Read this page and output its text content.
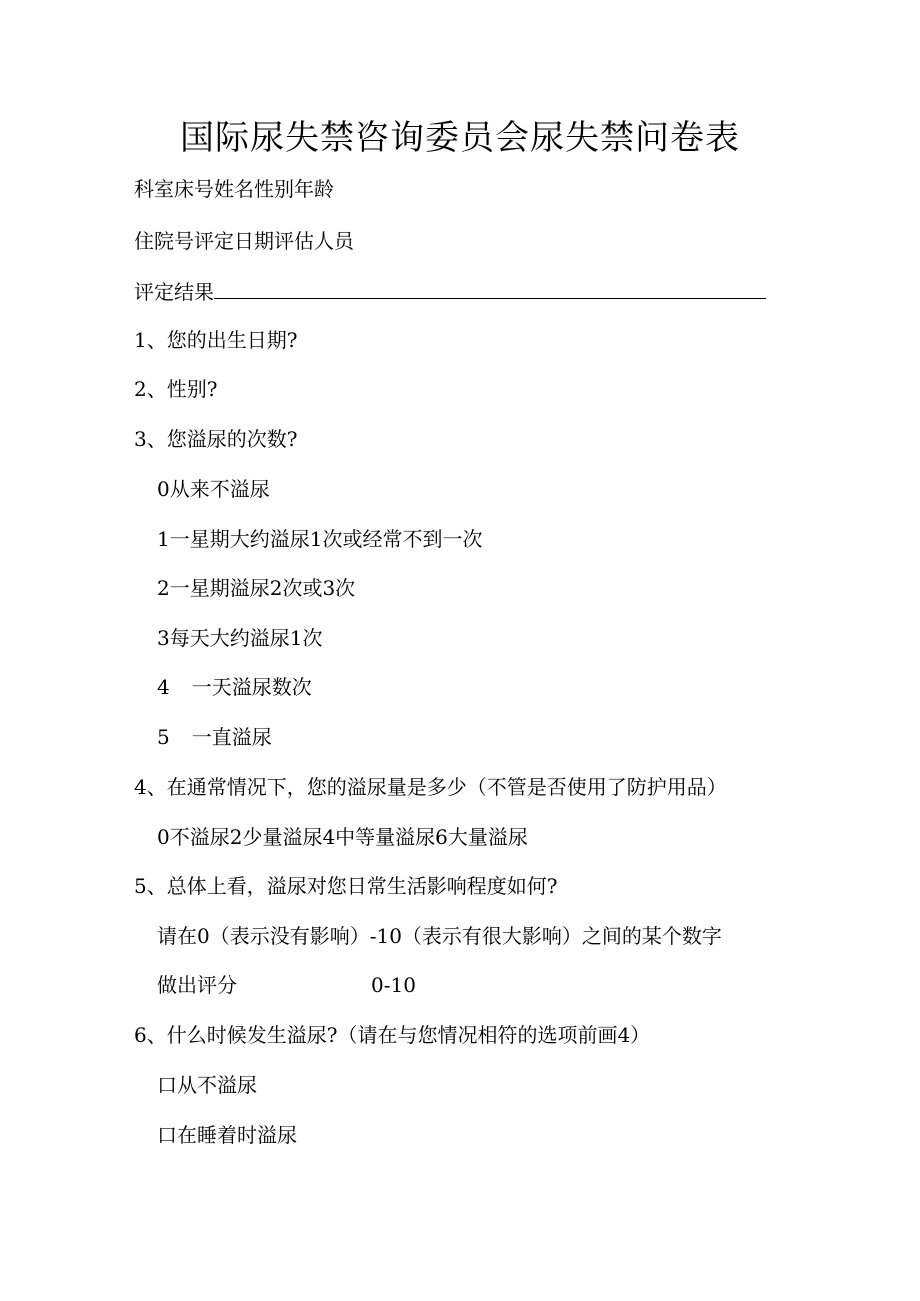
国际尿失禁咨询委员会尿失禁问卷表
科室床号姓名性别年龄
住院号评定日期评估人员
评定结果
1、您的出生日期?
2、性别?
3、您溢尿的次数?
0从来不溢尿
1一星期大约溢尿1次或经常不到一次
2一星期溢尿2次或3次
3每天大约溢尿1次
4 一天溢尿数次
5 一直溢尿
4、在通常情况下，您的溢尿量是多少（不管是否使用了防护用品）
0不溢尿2少量溢尿4中等量溢尿6大量溢尿
5、总体上看，溢尿对您日常生活影响程度如何?
请在0（表示没有影响）-10（表示有很大影响）之间的某个数字
做出评分	0-10
6、什么时候发生溢尿?（请在与您情况相符的选项前画4）
口从不溢尿
口在睡着时溢尿
